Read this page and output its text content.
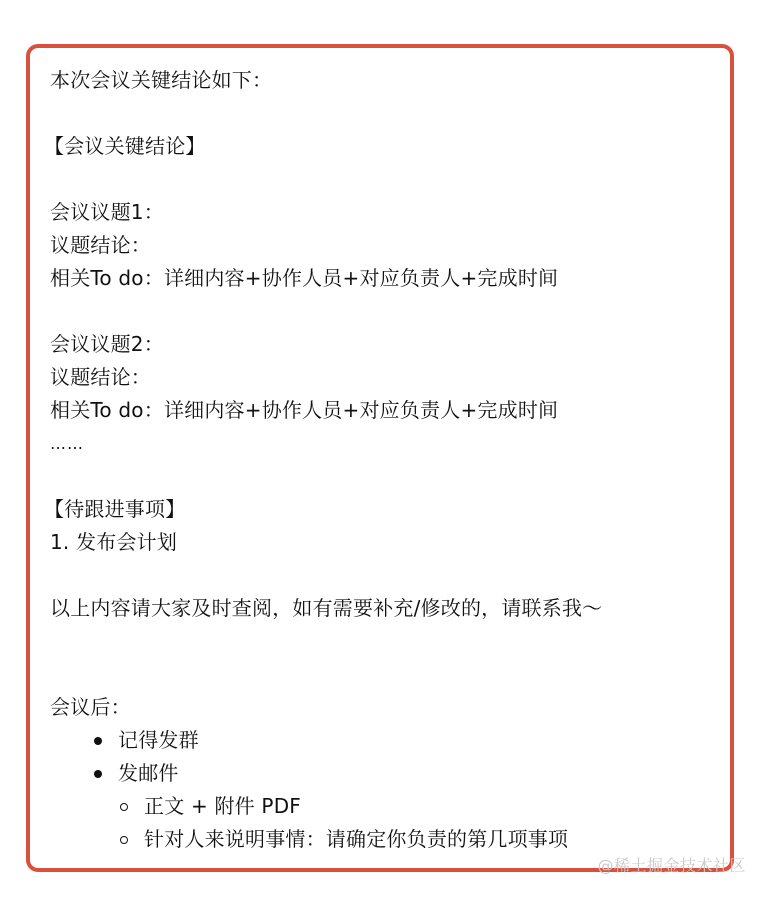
本次会议关键结论如下：
【会议关键结论】
会议议题1：
议题结论：
相关To do：详细内容+协作人员+对应负责人+完成时间
会议议题2：
议题结论：
相关To do：详细内容+协作人员+对应负责人+完成时间
……
【待跟进事项】
1. 发布会计划
以上内容请大家及时查阅，如有需要补充/修改的，请联系我～
会议后：
记得发群
发邮件
正文 + 附件 PDF
针对人来说明事情：请确定你负责的第几项事项
@稀土掘金技术社区
